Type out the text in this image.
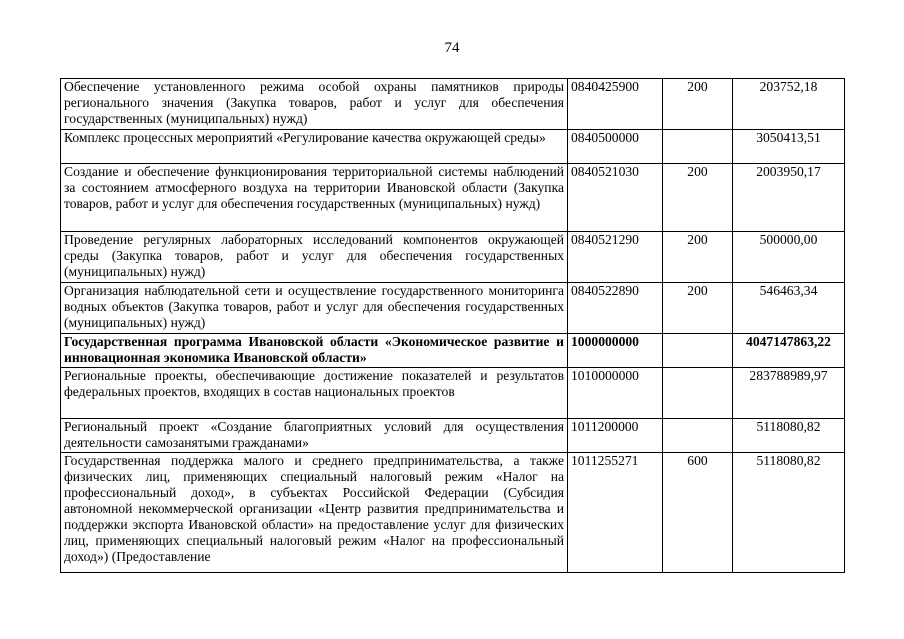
74
Обеспечение установленного режима особой охраны памятников природы регионального значения (Закупка товаров, работ и услуг для обеспечения государственных (муниципальных) нужд)	0840425900	200	203752,18
Комплекс процессных мероприятий «Регулирование качества окружающей среды»	0840500000		3050413,51
Создание и обеспечение функционирования территориальной системы наблюдений за состоянием атмосферного воздуха на территории Ивановской области (Закупка товаров, работ и услуг для обеспечения государственных (муниципальных) нужд)	0840521030	200	2003950,17
Проведение регулярных лабораторных исследований компонентов окружающей среды (Закупка товаров, работ и услуг для обеспечения государственных (муниципальных) нужд)	0840521290	200	500000,00
Организация наблюдательной сети и осуществление государственного мониторинга водных объектов (Закупка товаров, работ и услуг для обеспечения государственных (муниципальных) нужд)	0840522890	200	546463,34
Государственная программа Ивановской области «Экономическое развитие и инновационная экономика Ивановской области»	1000000000		4047147863,22
Региональные проекты, обеспечивающие достижение показателей и результатов федеральных проектов, входящих в состав национальных проектов	1010000000		283788989,97
Региональный проект «Создание благоприятных условий для осуществления деятельности самозанятыми гражданами»	1011200000		5118080,82
Государственная поддержка малого и среднего предпринимательства, а также физических лиц, применяющих специальный налоговый режим «Налог на профессиональный доход», в субъектах Российской Федерации (Субсидия автономной некоммерческой организации «Центр развития предпринимательства и поддержки экспорта Ивановской области» на предоставление услуг для физических лиц, применяющих специальный налоговый режим «Налог на профессиональный доход») (Предоставление	1011255271	600	5118080,82
